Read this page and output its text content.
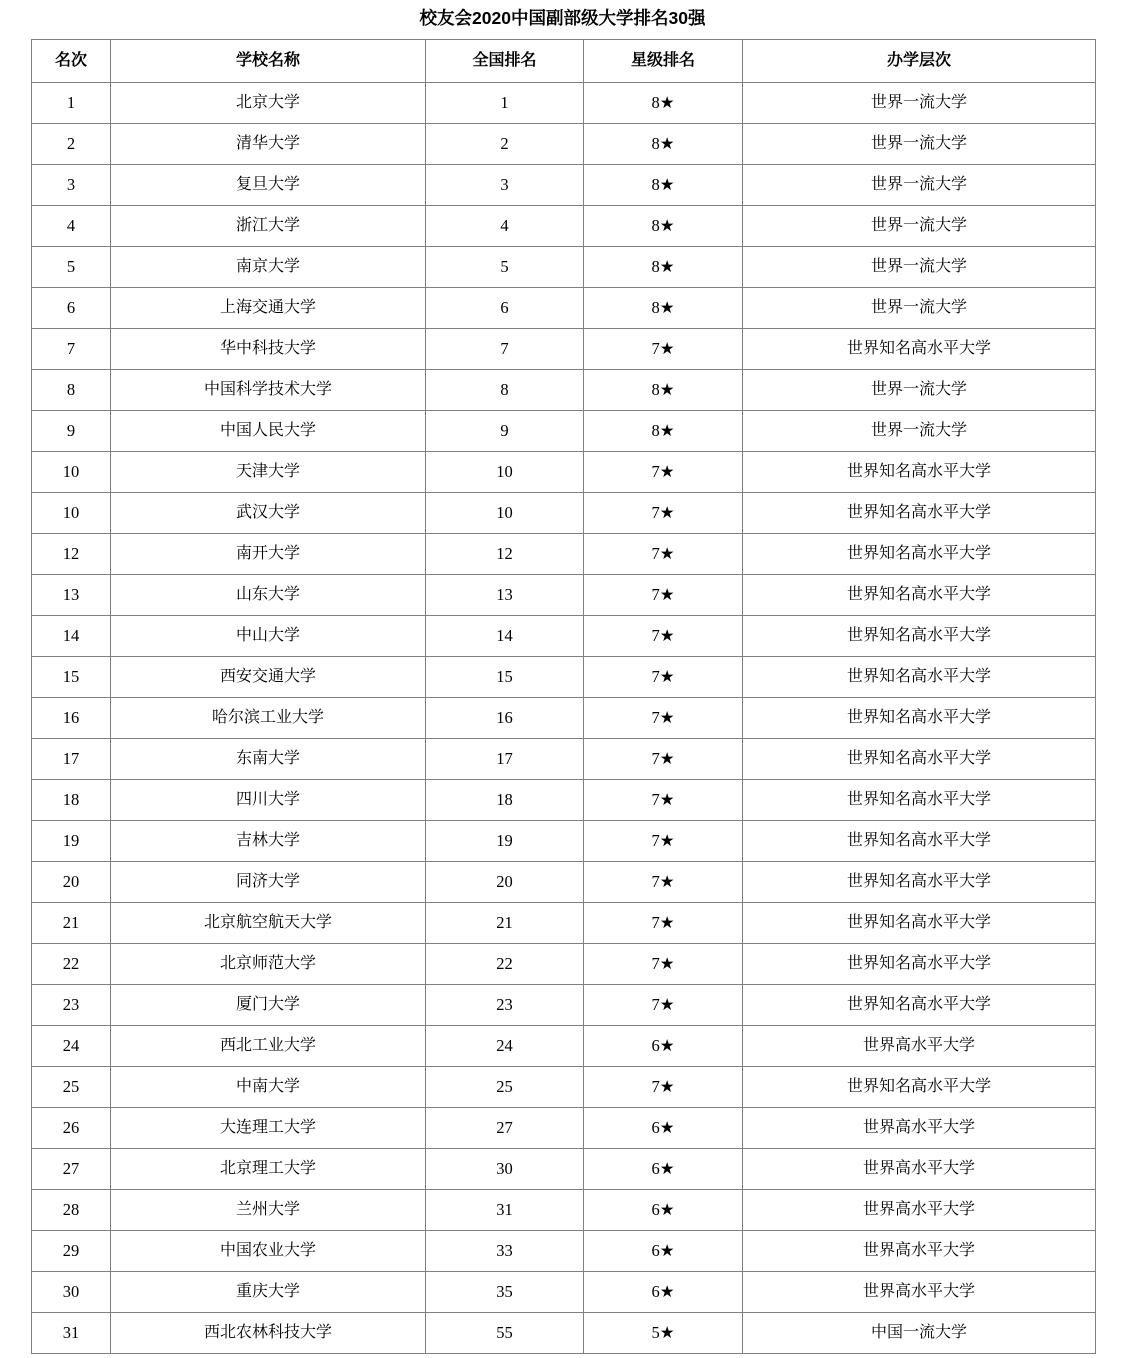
校友会2020中国副部级大学排名30强
名次	学校名称	全国排名	星级排名	办学层次
1	北京大学	1	8★	世界一流大学
2	清华大学	2	8★	世界一流大学
3	复旦大学	3	8★	世界一流大学
4	浙江大学	4	8★	世界一流大学
5	南京大学	5	8★	世界一流大学
6	上海交通大学	6	8★	世界一流大学
7	华中科技大学	7	7★	世界知名高水平大学
8	中国科学技术大学	8	8★	世界一流大学
9	中国人民大学	9	8★	世界一流大学
10	天津大学	10	7★	世界知名高水平大学
10	武汉大学	10	7★	世界知名高水平大学
12	南开大学	12	7★	世界知名高水平大学
13	山东大学	13	7★	世界知名高水平大学
14	中山大学	14	7★	世界知名高水平大学
15	西安交通大学	15	7★	世界知名高水平大学
16	哈尔滨工业大学	16	7★	世界知名高水平大学
17	东南大学	17	7★	世界知名高水平大学
18	四川大学	18	7★	世界知名高水平大学
19	吉林大学	19	7★	世界知名高水平大学
20	同济大学	20	7★	世界知名高水平大学
21	北京航空航天大学	21	7★	世界知名高水平大学
22	北京师范大学	22	7★	世界知名高水平大学
23	厦门大学	23	7★	世界知名高水平大学
24	西北工业大学	24	6★	世界高水平大学
25	中南大学	25	7★	世界知名高水平大学
26	大连理工大学	27	6★	世界高水平大学
27	北京理工大学	30	6★	世界高水平大学
28	兰州大学	31	6★	世界高水平大学
29	中国农业大学	33	6★	世界高水平大学
30	重庆大学	35	6★	世界高水平大学
31	西北农林科技大学	55	5★	中国一流大学
